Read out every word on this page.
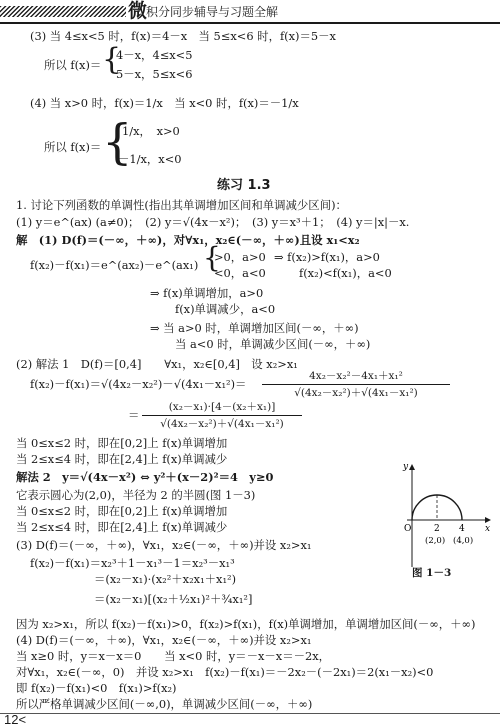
微
积分同步辅导与习题全解
(3) 当 4≤x<5 时，f(x)＝4－x　当 5≤x<6 时，f(x)＝5－x
所以 f(x)＝ {
4－x，4≤x<5
5－x，5≤x<6
(4) 当 x>0 时，f(x)＝1/x　当 x<0 时，f(x)＝－1/x
所以 f(x)＝ {
1/x，　x>0
－1/x，x<0
练习 1.3
1. 讨论下列函数的单调性(指出其单调增加区间和单调减少区间)：
(1) y＝e^(ax) (a≠0)；　(2) y＝√(4x－x²)；　(3) y＝x³＋1；　(4) y＝|x|－x.
解　(1) D(f)＝(－∞，＋∞)，对∀x₁，x₂∈(－∞，＋∞)且设 x₁<x₂
f(x₂)－f(x₁)＝e^(ax₂)－e^(ax₁) {
>0，a>0
<0，a<0
⇒ f(x₂)>f(x₁)，a>0
f(x₂)<f(x₁)，a<0
⇒ f(x)单调增加，a>0
f(x)单调减少，a<0
⇒ 当 a>0 时，单调增加区间(－∞，＋∞)
当 a<0 时，单调减少区间(－∞，＋∞)
(2) 解法 1　D(f)＝[0,4]　　∀x₁，x₂∈[0,4]　设 x₂>x₁
f(x₂)－f(x₁)＝√(4x₂－x₂²)－√(4x₁－x₁²)＝
4x₂－x₂²－4x₁＋x₁²
√(4x₂－x₂²)＋√(4x₁－x₁²)
＝
(x₂－x₁)·[4－(x₂＋x₁)]
√(4x₂－x₂²)＋√(4x₁－x₁²)
当 0≤x≤2 时，即在[0,2]上 f(x)单调增加
当 2≤x≤4 时，即在[2,4]上 f(x)单调减少
解法 2　y＝√(4x－x²) ⇔ y²＋(x－2)²＝4　y≥0
它表示圆心为(2,0)，半径为 2 的半圆(图 1－3)
当 0≤x≤2 时，即在[0,2]上 f(x)单调增加
当 2≤x≤4 时，即在[2,4]上 f(x)单调减少
(3) D(f)＝(－∞，＋∞)，∀x₁，x₂∈(－∞，＋∞)并设 x₂>x₁
f(x₂)－f(x₁)＝x₂³＋1－x₁³－1＝x₂³－x₁³
＝(x₂－x₁)·(x₂²＋x₂x₁＋x₁²)
＝(x₂－x₁)[(x₂＋½x₁)²＋¾x₁²]
y
x
O	2 4
(2,0) (4,0)
图 1－3
因为 x₂>x₁，所以 f(x₂)－f(x₁)>0，f(x₂)>f(x₁)，f(x)单调增加，单调增加区间(－∞，＋∞)
(4) D(f)＝(－∞，＋∞)，∀x₁，x₂∈(－∞，＋∞)并设 x₂>x₁
当 x≥0 时，y＝x－x＝0　　当 x<0 时，y＝－x－x＝－2x，
对∀x₁，x₂∈(－∞，0)　并设 x₂>x₁　f(x₂)－f(x₁)＝－2x₂－(－2x₁)＝2(x₁－x₂)<0
即 f(x₂)－f(x₁)<0　f(x₁)>f(x₂)
所以严格单调减少区间(－∞,0)，单调减少区间(－∞，＋∞)
12<
